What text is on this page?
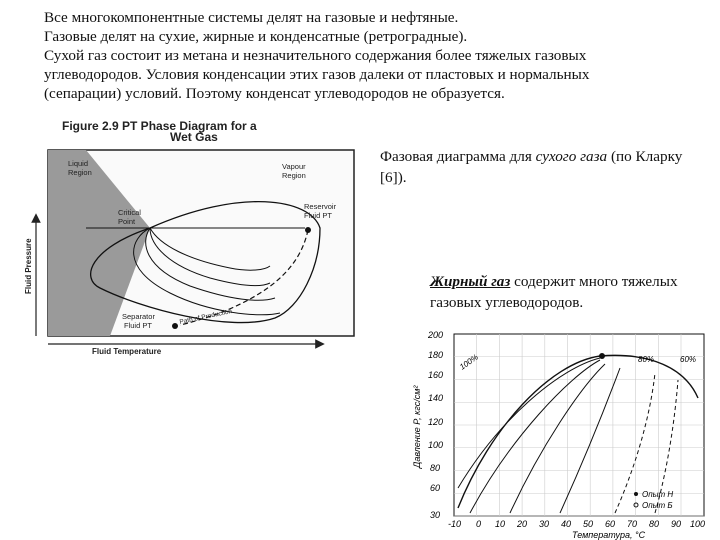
Все многокомпонентные системы делят на газовые и нефтяные.

Газовые делят на сухие, жирные и конденсатные (ретроградные).

Сухой газ состоит из метана и незначительного содержания более тяжелых газовых

углеводородов. Условия конденсации этих газов далеки от пластовых и нормальных

(сепарации) условий. Поэтому конденсат углеводородов не образуется.

Figure 2.9 PT Phase Diagram for a
Wet Gas
Liquid
Region
Vapour
Region
Critical
Point
Reservoir
Fluid PT
Separator
Fluid PT	Path of Production
Fluid Temperature
Fluid Pressure

Фазовая диаграмма для сухого газа (по Кларку [6]).

Жирный газ содержит много тяжелых газовых углеводородов.

200
180
160
140
120
100
80
60
30
-10 0 10 20 30 40 50 60 70 80 90 100
Температура, °C
Давление P, кгс/см²
100%	80%	60%
Опыт Н
Опыт Б
